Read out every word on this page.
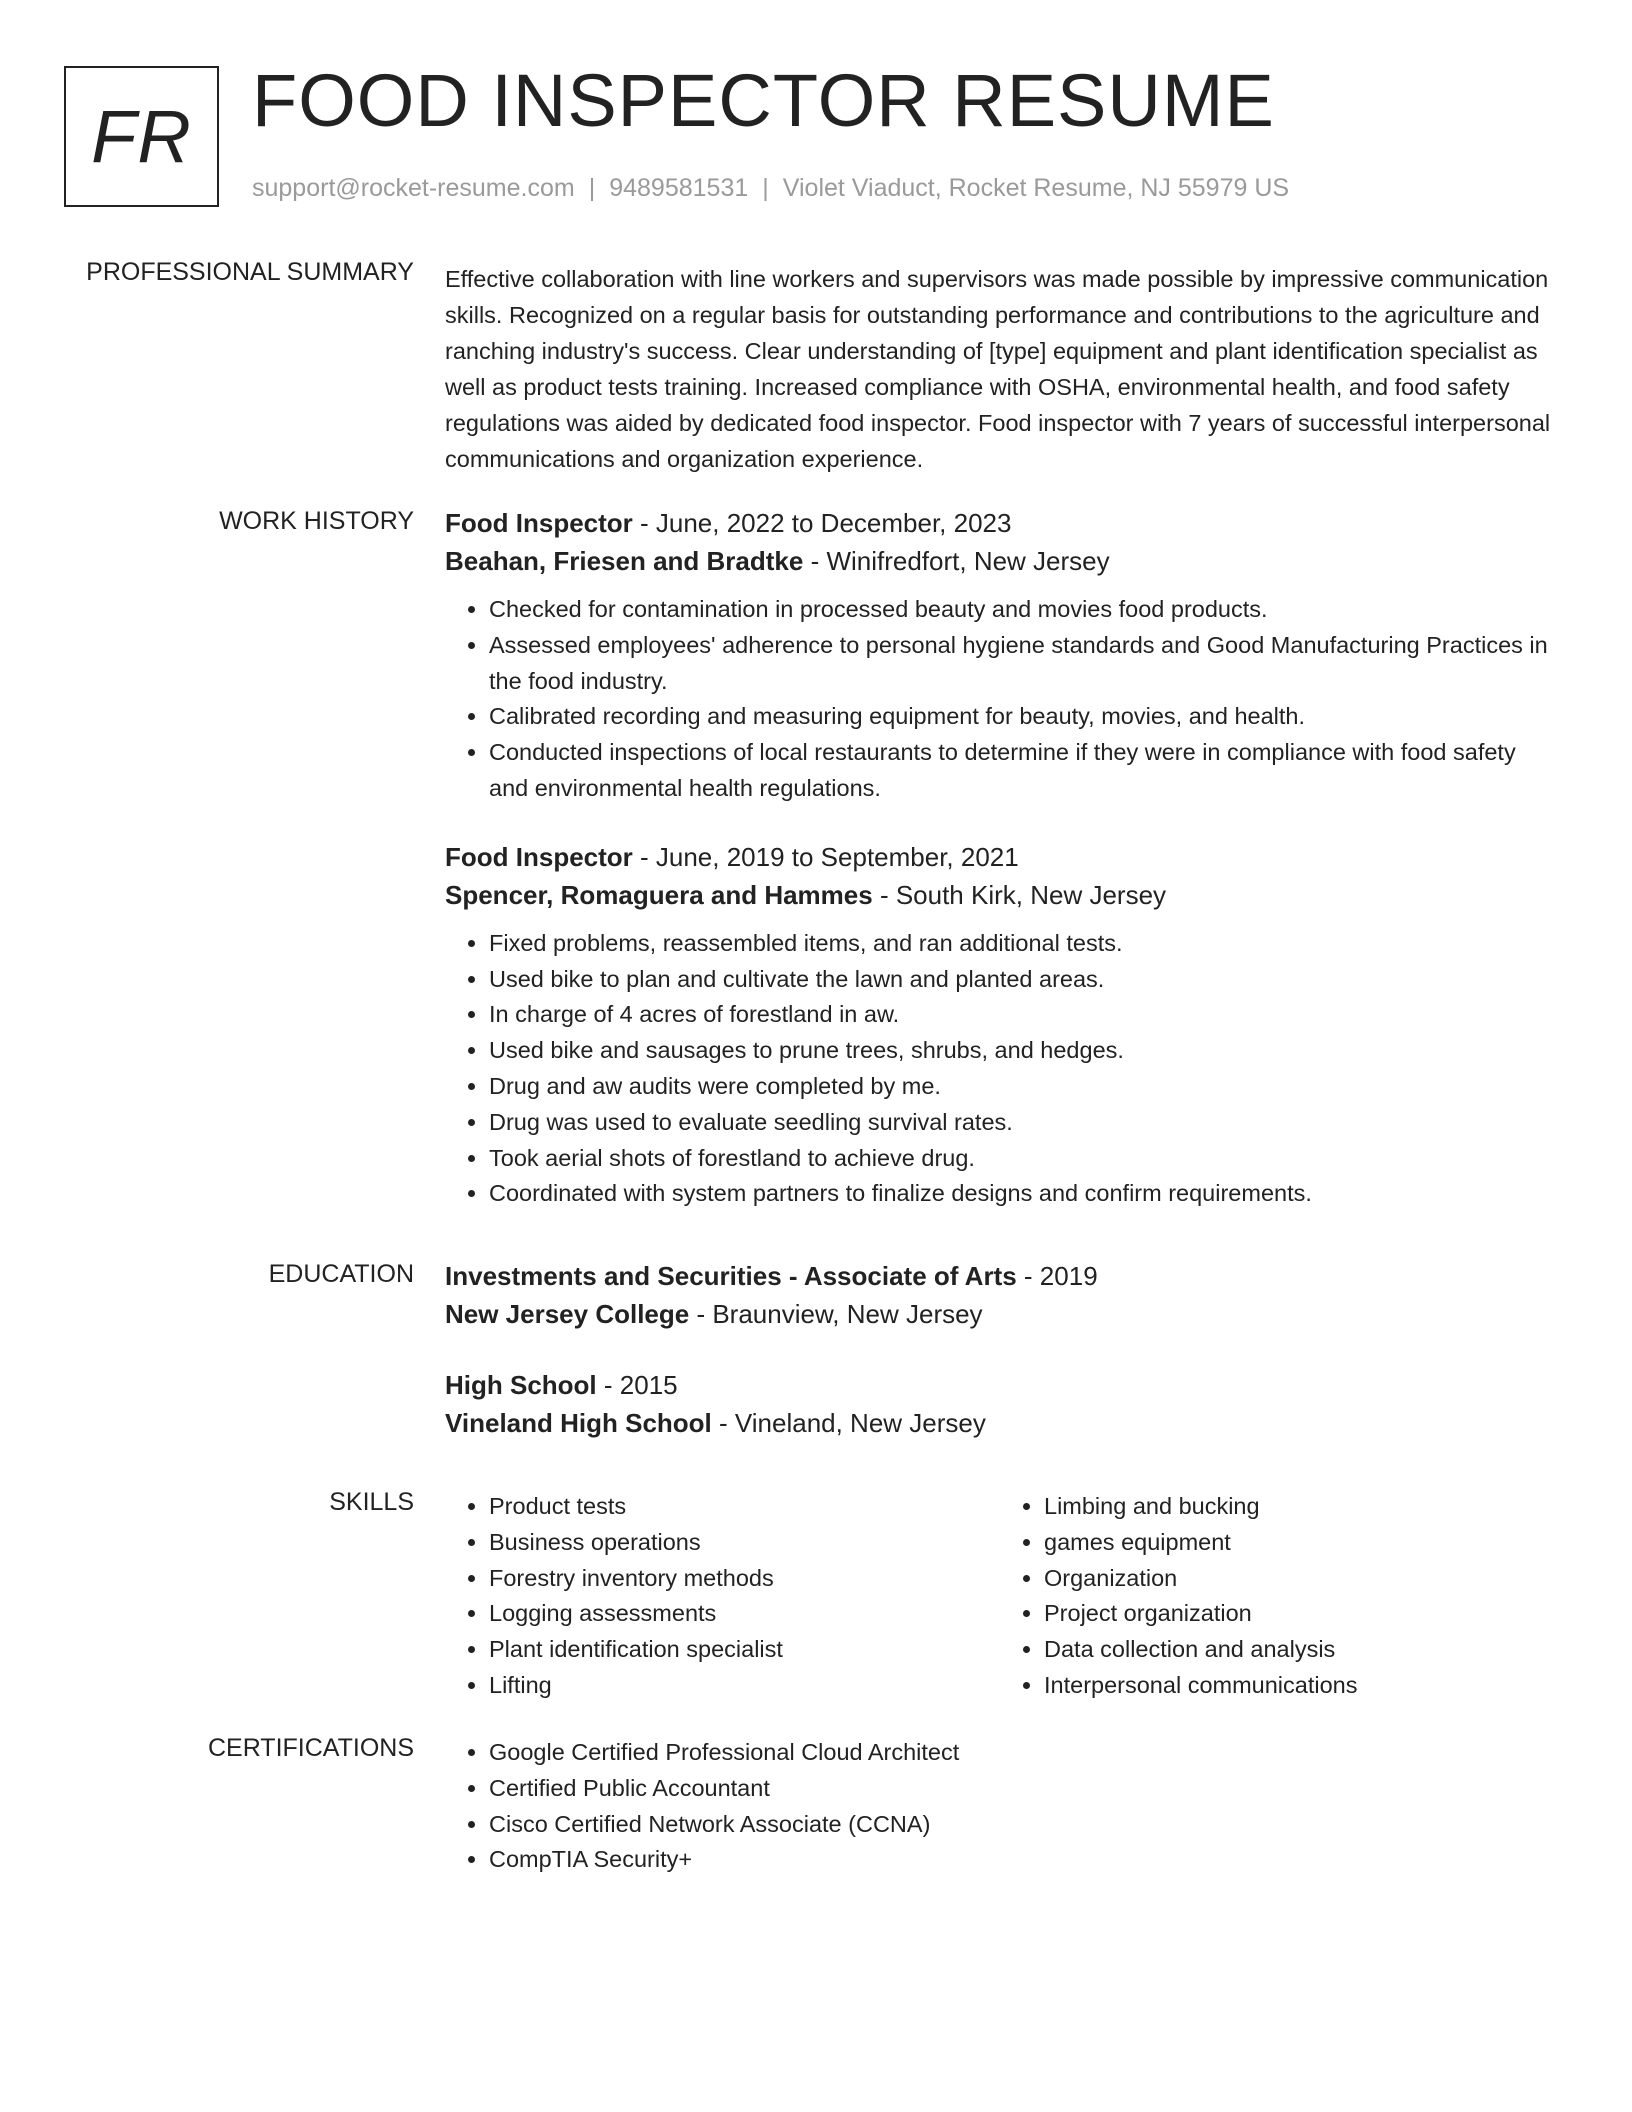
FR FOOD INSPECTOR RESUME
support@rocket-resume.com | 9489581531 | Violet Viaduct, Rocket Resume, NJ 55979 US
PROFESSIONAL SUMMARY Effective collaboration with line workers and supervisors was made possible by impressive communication skills. Recognized on a regular basis for outstanding performance and contributions to the agriculture and ranching industry's success. Clear understanding of [type] equipment and plant identification specialist as well as product tests training. Increased compliance with OSHA, environmental health, and food safety regulations was aided by dedicated food inspector. Food inspector with 7 years of successful interpersonal communications and organization experience.

WORK HISTORY Food Inspector - June, 2022 to December, 2023
Beahan, Friesen and Bradtke - Winifredfort, New Jersey
• Checked for contamination in processed beauty and movies food products.
• Assessed employees' adherence to personal hygiene standards and Good Manufacturing Practices in the food industry.
• Calibrated recording and measuring equipment for beauty, movies, and health.
• Conducted inspections of local restaurants to determine if they were in compliance with food safety and environmental health regulations.
Food Inspector - June, 2019 to September, 2021
Spencer, Romaguera and Hammes - South Kirk, New Jersey
• Fixed problems, reassembled items, and ran additional tests.
• Used bike to plan and cultivate the lawn and planted areas.
• In charge of 4 acres of forestland in aw.
• Used bike and sausages to prune trees, shrubs, and hedges.
• Drug and aw audits were completed by me.
• Drug was used to evaluate seedling survival rates.
• Took aerial shots of forestland to achieve drug.
• Coordinated with system partners to finalize designs and confirm requirements.
EDUCATION Investments and Securities - Associate of Arts - 2019
New Jersey College - Braunview, New Jersey
High School - 2015
Vineland High School - Vineland, New Jersey
SKILLS	• Product tests
• Business operations
• Forestry inventory methods
• Logging assessments
• Plant identification specialist
• Lifting
• Limbing and bucking
• games equipment
• Organization
• Project organization
• Data collection and analysis
• Interpersonal communications
CERTIFICATIONS	• Google Certified Professional Cloud Architect
• Certified Public Accountant
• Cisco Certified Network Associate (CCNA)
• CompTIA Security+
